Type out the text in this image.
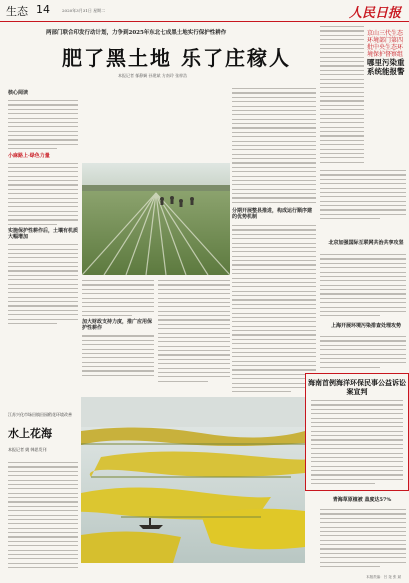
生态 14	2020年3月31日 星期二	人民日报
两部门联合印发行动计划，力争到2025年东北七成黑土地实行保护性耕作
肥了黑土地 乐了庄稼人
本报记者 郁静娴 孙建斌 方南玲 张梓浩
核心阅读
小麻路上·绿色力量
实施保护性耕作后，土壤有机质大幅增加
加大财政支持力度，推广应用保护性耕作
分期开展整县推进，构成运行顺序建的优势机制
京山三代生态环境部门第四批中央生态环境保护督察组
哪里污染重 系统能报警
北京加强国际互联网共治共享攻坚
上海开展环境污染排查处理攻势
海南首例海洋环保民事公益诉讼案宣判
青海草原植被 盖度达57%
江苏兴化市垛田镇田园稻花环境改善
水上花海
本报记者 姚 韩思发刊
本版责编：吕 尧 张 斌
